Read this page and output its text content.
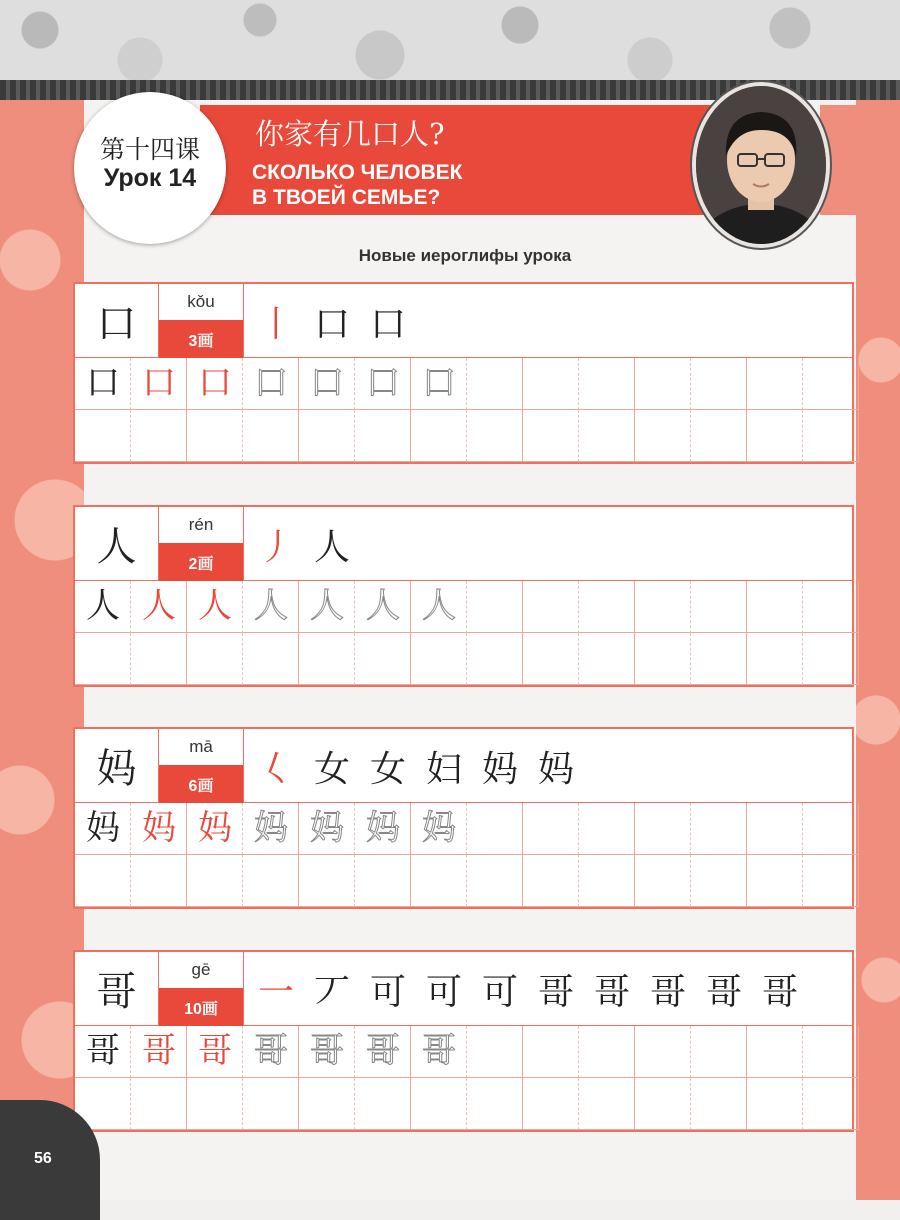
第十四课
Урок 14
你家有几口人?
СКОЛЬКО ЧЕЛОВЕК
В ТВОЕЙ СЕМЬЕ?
Новые иероглифы урока
口	kǒu
3画	丨 口 口
口 口 口 口 口 口 口
人	rén
2画	丿 人
人 人 人 人 人 人 人
妈	mā
6画	𡿨 女 女 妇 妈 妈
妈 妈 妈 妈 妈 妈 妈
哥	gē
10画	一 丆 可 可 可 哥 哥 哥 哥 哥
哥 哥 哥 哥 哥 哥 哥
56
